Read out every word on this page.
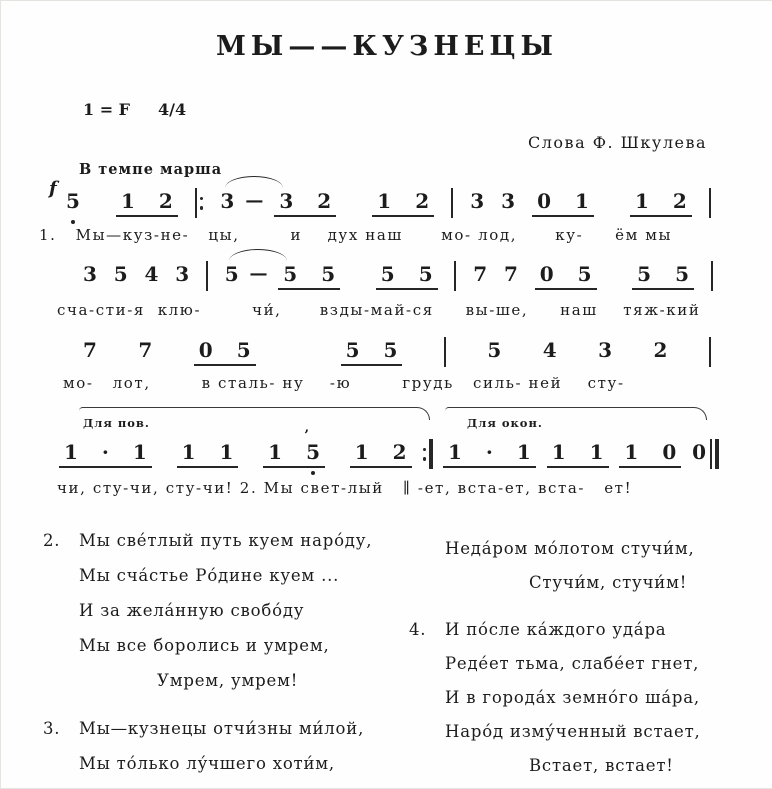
МЫ——КУЗНЕЦЫ
1 = F 4/4
Слова Ф. Шкулева
В темпе марша
f
5 1 2 3 — 3 2 1 2 3 3 0 1 1 2
1.   Мы—куз-не-   цы,        и    дух наш      мо- лод,      ку-     ём мы
3 5 4 3 5 — 5 5 5 5 7 7 0 5 5 5
сча-сти-я  клю-        чи́,      взды-май-ся     вы-ше,     наш    тяж-кий
7 7 0 5	5 5	5 4 3 2
мо-   лот,        в сталь- ну    -ю        грудь   силь- ней    сту-
Для пов.
1 · 1 1 1 1 5
’
1 2
Для окон.
1 · 1 1 1 1 0 0
чи, сту-чи, сту-чи! 2. Мы свет-лый   ∥ -ет, вста-ет, вста-   ет!
2.	Мы све́тлый путь куем наро́ду,
Мы сча́стье Ро́дине куем ...
И за жела́нную свобо́ду
Мы все боролись и умрем,
Умрем, умрем!
3.	Мы—кузнецы отчи́зны ми́лой,
Мы то́лько лу́чшего хоти́м,
Неда́ром мо́лотом стучи́м,
Стучи́м, стучи́м!
4.	И по́сле ка́ждого уда́ра
Реде́ет тьма, слабе́ет гнет,
И в города́х земно́го ша́ра,
Наро́д изму́ченный встает,
Встает, встает!
